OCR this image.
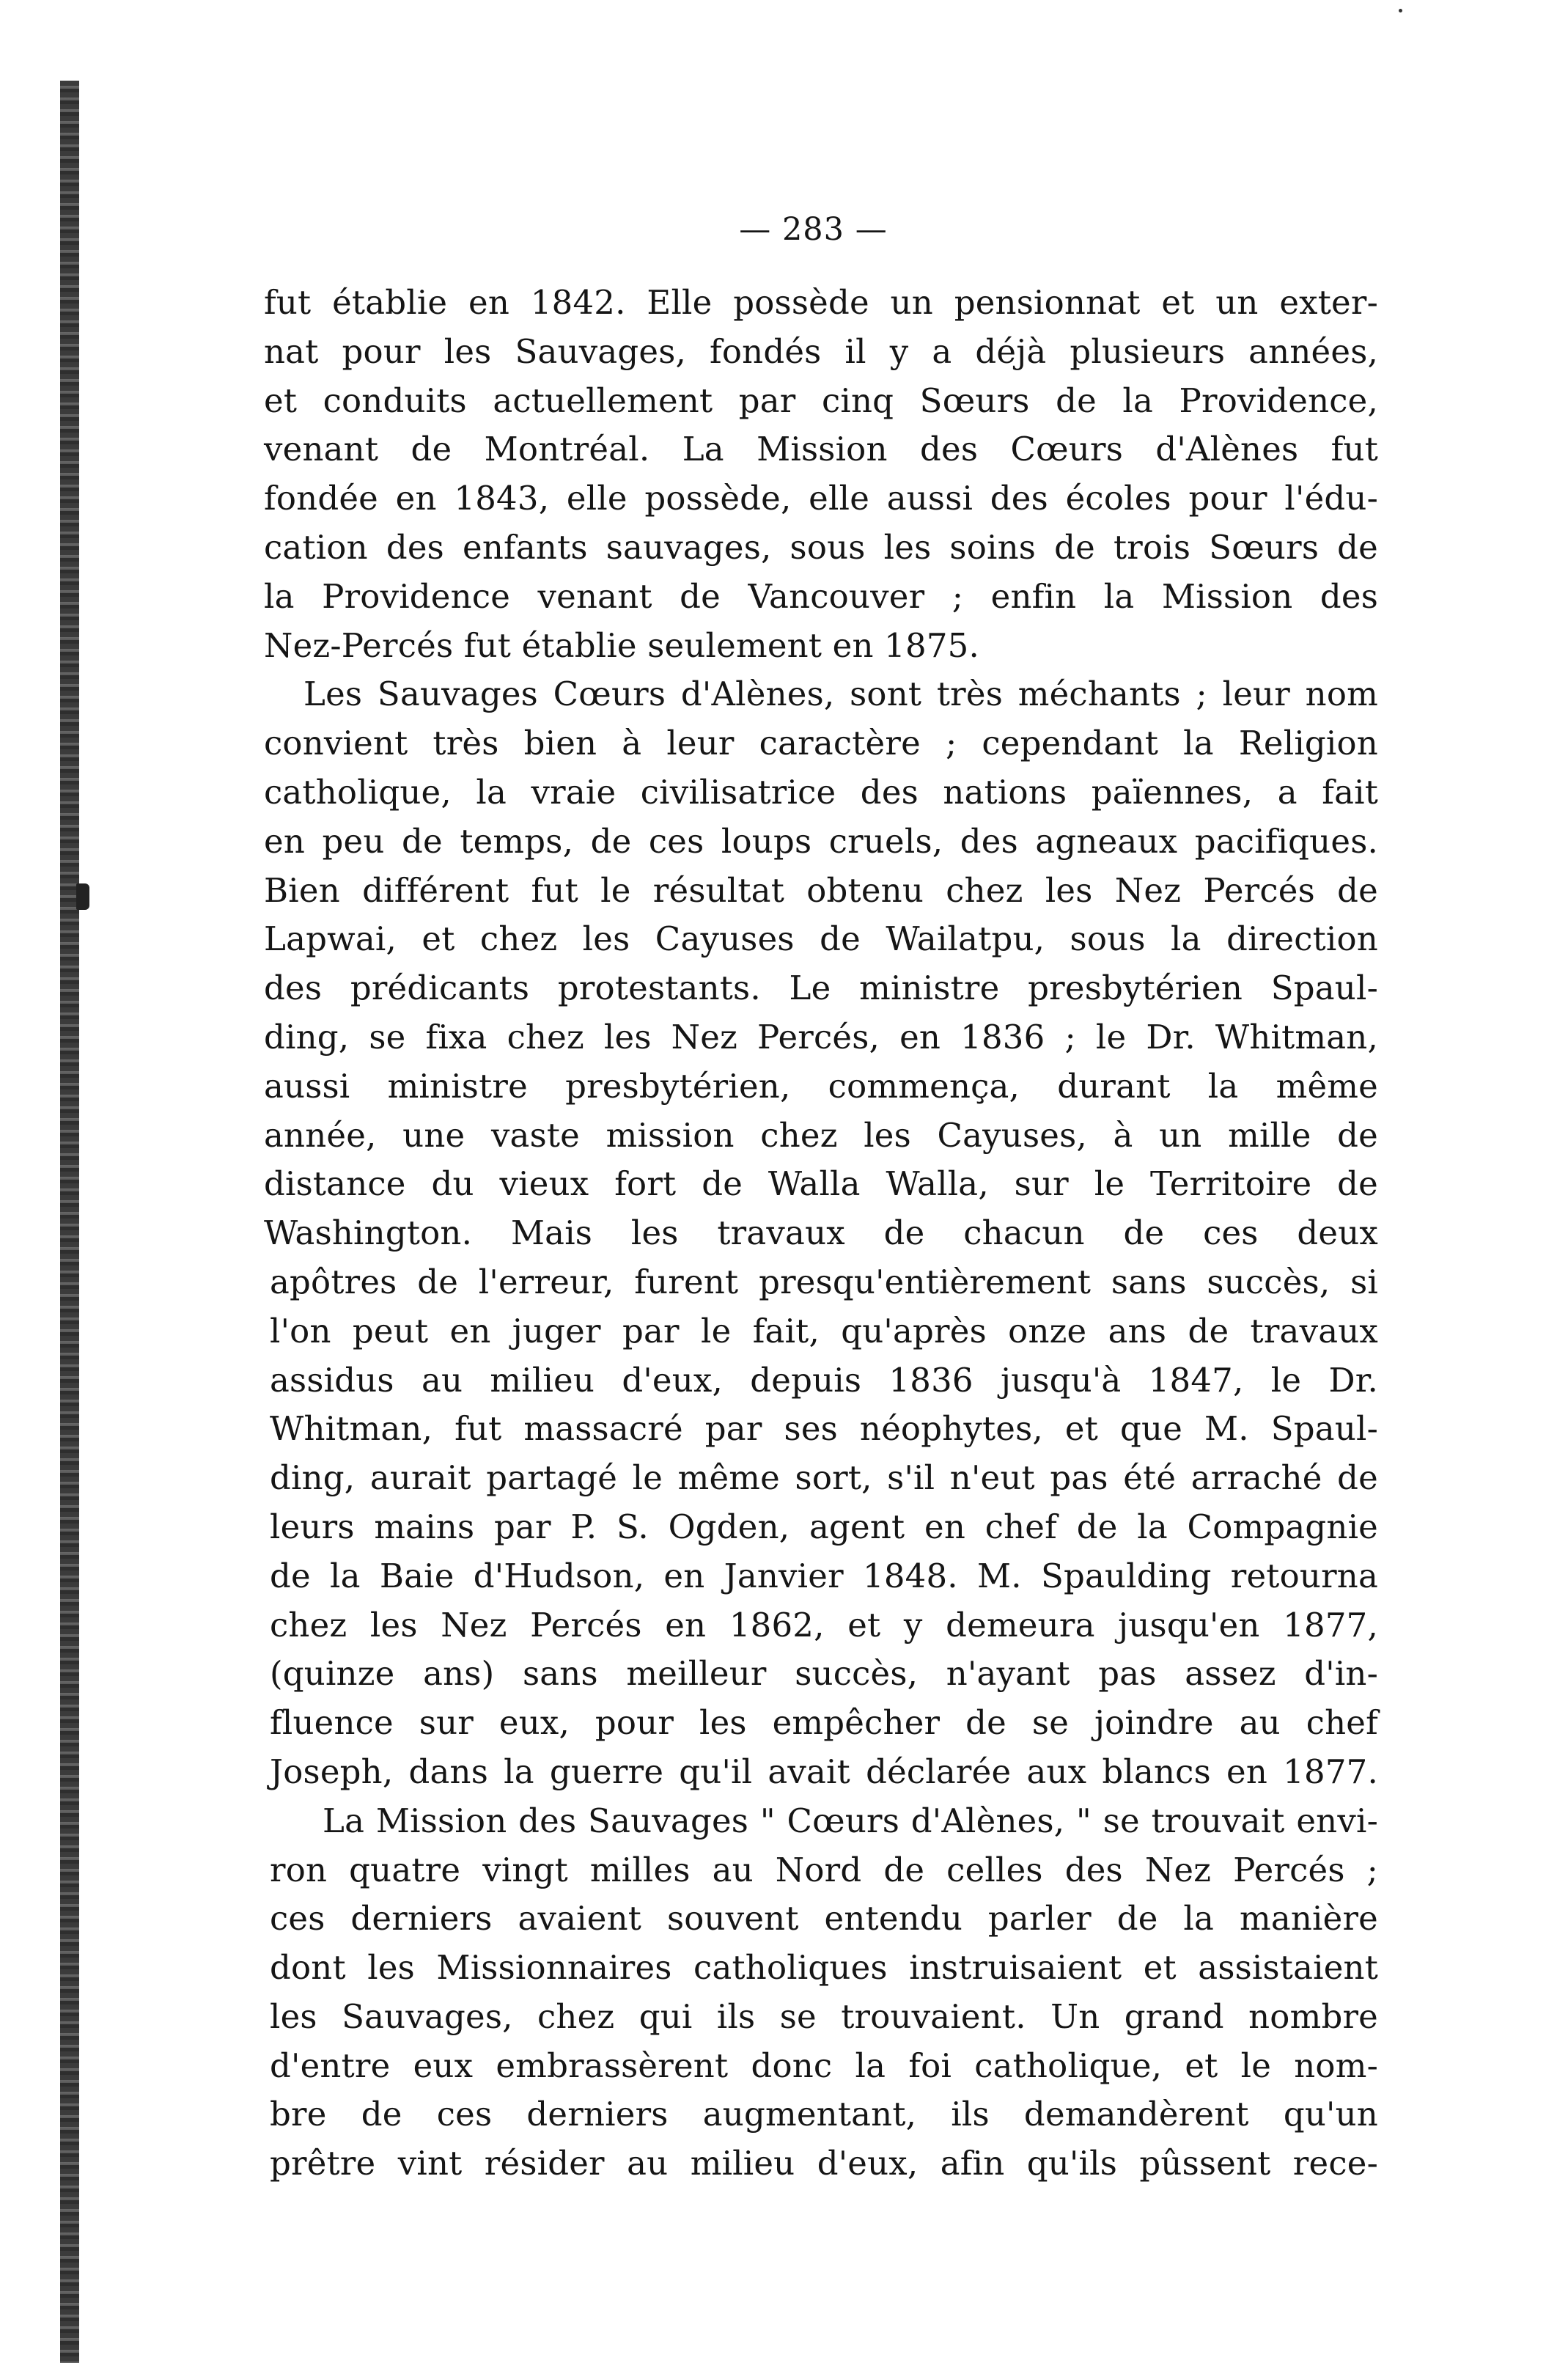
— 283 —
fut établie en 1842. Elle possède un pensionnat et un exter-
nat pour les Sauvages, fondés il y a déjà plusieurs années,
et conduits actuellement par cinq Sœurs de la Providence,
venant de Montréal. La Mission des Cœurs d'Alènes fut
fondée en 1843, elle possède, elle aussi des écoles pour l'édu-
cation des enfants sauvages, sous les soins de trois Sœurs de
la Providence venant de Vancouver ; enfin la Mission des
Nez-Percés fut établie seulement en 1875.
Les Sauvages Cœurs d'Alènes, sont très méchants ; leur nom
convient très bien à leur caractère ; cependant la Religion
catholique, la vraie civilisatrice des nations païennes, a fait
en peu de temps, de ces loups cruels, des agneaux pacifiques.
Bien différent fut le résultat obtenu chez les Nez Percés de
Lapwai, et chez les Cayuses de Wailatpu, sous la direction
des prédicants protestants. Le ministre presbytérien Spaul-
ding, se fixa chez les Nez Percés, en 1836 ; le Dr. Whitman,
aussi ministre presbytérien, commença, durant la même
année, une vaste mission chez les Cayuses, à un mille de
distance du vieux fort de Walla Walla, sur le Territoire de
Washington. Mais les travaux de chacun de ces deux
apôtres de l'erreur, furent presqu'entièrement sans succès, si
l'on peut en juger par le fait, qu'après onze ans de travaux
assidus au milieu d'eux, depuis 1836 jusqu'à 1847, le Dr.
Whitman, fut massacré par ses néophytes, et que M. Spaul-
ding, aurait partagé le même sort, s'il n'eut pas été arraché de
leurs mains par P. S. Ogden, agent en chef de la Compagnie
de la Baie d'Hudson, en Janvier 1848. M. Spaulding retourna
chez les Nez Percés en 1862, et y demeura jusqu'en 1877,
(quinze ans) sans meilleur succès, n'ayant pas assez d'in-
fluence sur eux, pour les empêcher de se joindre au chef
Joseph, dans la guerre qu'il avait déclarée aux blancs en 1877.
La Mission des Sauvages " Cœurs d'Alènes, " se trouvait envi-
ron quatre vingt milles au Nord de celles des Nez Percés ;
ces derniers avaient souvent entendu parler de la manière
dont les Missionnaires catholiques instruisaient et assistaient
les Sauvages, chez qui ils se trouvaient. Un grand nombre
d'entre eux embrassèrent donc la foi catholique, et le nom-
bre de ces derniers augmentant, ils demandèrent qu'un
prêtre vint résider au milieu d'eux, afin qu'ils pûssent rece-
